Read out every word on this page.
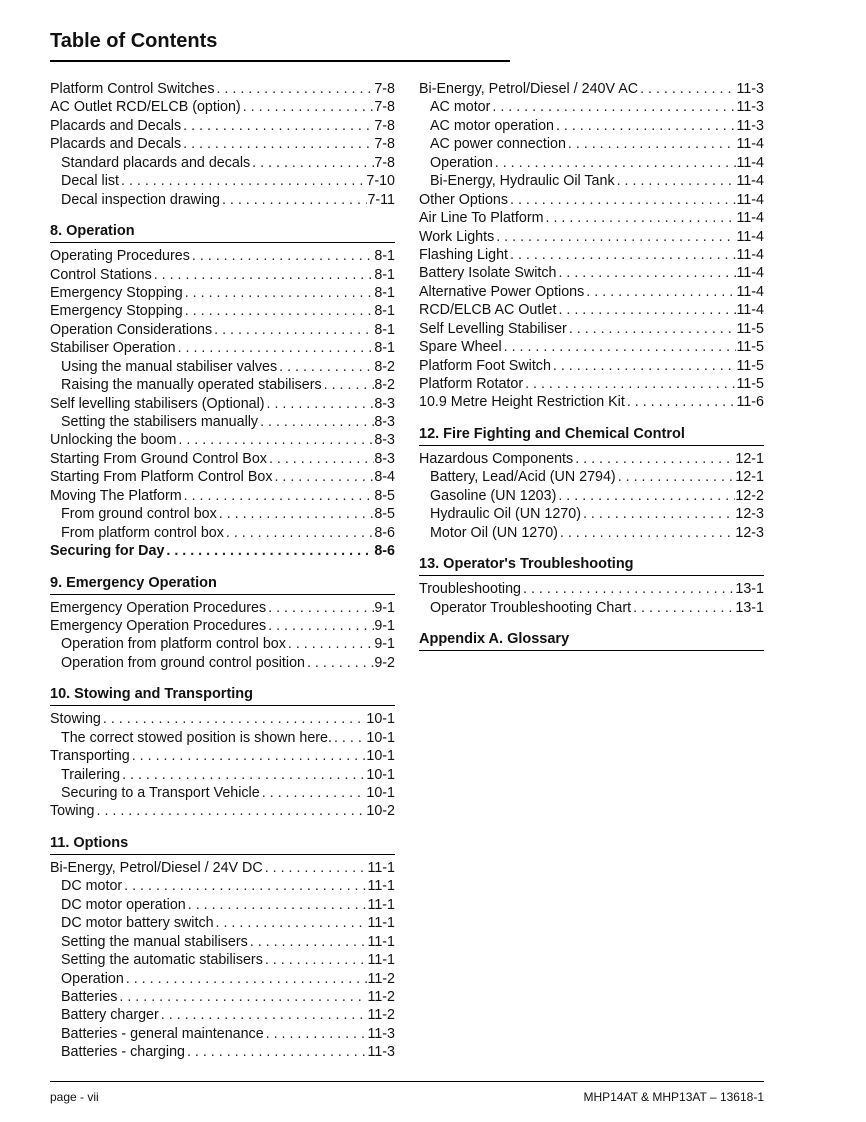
Table of Contents
Platform Control Switches . . .	7-8
AC Outlet RCD/ELCB (option) . . .	7-8
Placards and Decals . . .	7-8
Placards and Decals . . .	7-8
Standard placards and decals . . .	7-8
Decal list . . .	7-10
Decal inspection drawing . . .	7-11
8. Operation
Operating Procedures . . .	8-1
Control Stations . . .	8-1
Emergency Stopping . . .	8-1
Emergency Stopping . . .	8-1
Operation Considerations . . .	8-1
Stabiliser Operation . . .	8-1
Using the manual stabiliser valves . . .	8-2
Raising the manually operated stabilisers . . .	8-2
Self levelling stabilisers (Optional) . . .	8-3
Setting the stabilisers manually . . .	8-3
Unlocking the boom . . .	8-3
Starting From Ground Control Box . . .	8-3
Starting From Platform Control Box . . .	8-4
Moving The Platform . . .	8-5
From ground control box . . .	8-5
From platform control box . . .	8-6
Securing for Day . . .	8-6
9. Emergency Operation
Emergency Operation Procedures . . .	9-1
Emergency Operation Procedures . . .	9-1
Operation from platform control box . . .	9-1
Operation from ground control position . . .	9-2
10. Stowing and Transporting
Stowing . . .	10-1
The correct stowed position is shown here. . . . 10-1
Transporting . . .	10-1
Trailering . . .	10-1
Securing to a Transport Vehicle . . .	10-1
Towing . . .	10-2
11. Options
Bi-Energy, Petrol/Diesel / 24V DC . . .	11-1
DC motor . . .	11-1
DC motor operation . . .	11-1
DC motor battery switch . . .	11-1
Setting the manual stabilisers . . .	11-1
Setting the automatic stabilisers . . .	11-1
Operation . . .	11-2
Batteries . . .	11-2
Battery charger . . .	11-2
Batteries - general maintenance . . .	11-3
Batteries - charging . . .	11-3
Bi-Energy, Petrol/Diesel / 240V AC . . .	11-3
AC motor . . .	11-3
AC motor operation . . .	11-3
AC power connection . . .	11-4
Operation . . .	11-4
Bi-Energy, Hydraulic Oil Tank . . .	11-4
Other Options . . .	11-4
Air Line To Platform . . .	11-4
Work Lights . . .	11-4
Flashing Light . . .	11-4
Battery Isolate Switch . . .	11-4
Alternative Power Options . . .	11-4
RCD/ELCB AC Outlet . . .	11-4
Self Levelling Stabiliser . . .	11-5
Spare Wheel . . .	11-5
Platform Foot Switch . . .	11-5
Platform Rotator . . .	11-5
10.9 Metre Height Restriction Kit . . .	11-6
12. Fire Fighting and Chemical Control
Hazardous Components . . .	12-1
Battery, Lead/Acid (UN 2794) . . .	12-1
Gasoline (UN 1203) . . .	12-2
Hydraulic Oil (UN 1270) . . .	12-3
Motor Oil (UN 1270) . . .	12-3
13. Operator's Troubleshooting
Troubleshooting . . .	13-1
Operator Troubleshooting Chart . . .	13-1
Appendix A. Glossary
page - vii	MHP14AT & MHP13AT – 13618-1
